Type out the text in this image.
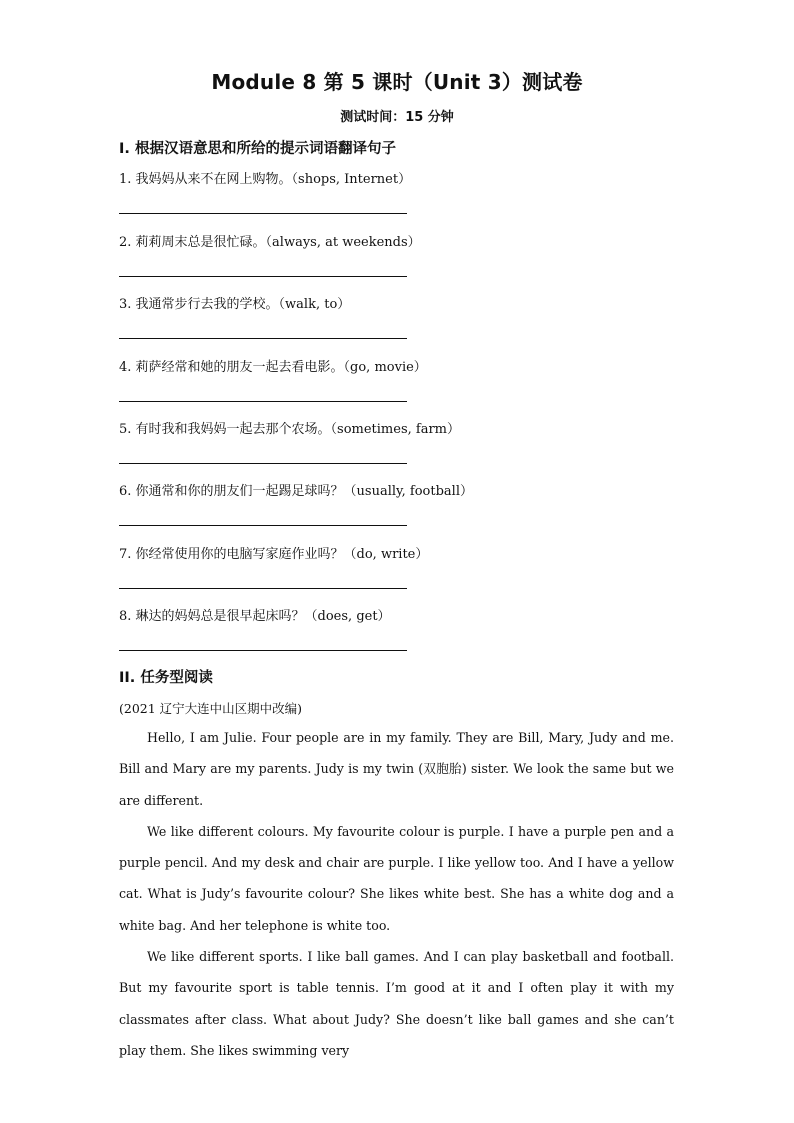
Module 8 第 5 课时（Unit 3）测试卷
测试时间：15 分钟
I. 根据汉语意思和所给的提示词语翻译句子
1. 我妈妈从来不在网上购物。（shops, Internet）
2. 莉莉周末总是很忙碌。（always, at weekends）
3. 我通常步行去我的学校。（walk, to）
4. 莉萨经常和她的朋友一起去看电影。（go, movie）
5. 有时我和我妈妈一起去那个农场。（sometimes, farm）
6. 你通常和你的朋友们一起踢足球吗？（usually, football）
7. 你经常使用你的电脑写家庭作业吗？（do, write）
8. 琳达的妈妈总是很早起床吗？（does, get）
II. 任务型阅读
(2021 辽宁大连中山区期中改编)

Hello, I am Julie. Four people are in my family. They are Bill, Mary, Judy and me. Bill and Mary are my parents. Judy is my twin (双胞胎) sister. We look the same but we are different.

We like different colours. My favourite colour is purple. I have a purple pen and a purple pencil. And my desk and chair are purple. I like yellow too. And I have a yellow cat. What is Judy’s favourite colour? She likes white best. She has a white dog and a white bag. And her telephone is white too.

We like different sports. I like ball games. And I can play basketball and football. But my favourite sport is table tennis. I’m good at it and I often play it with my classmates after class. What about Judy? She doesn’t like ball games and she can’t play them. She likes swimming very
